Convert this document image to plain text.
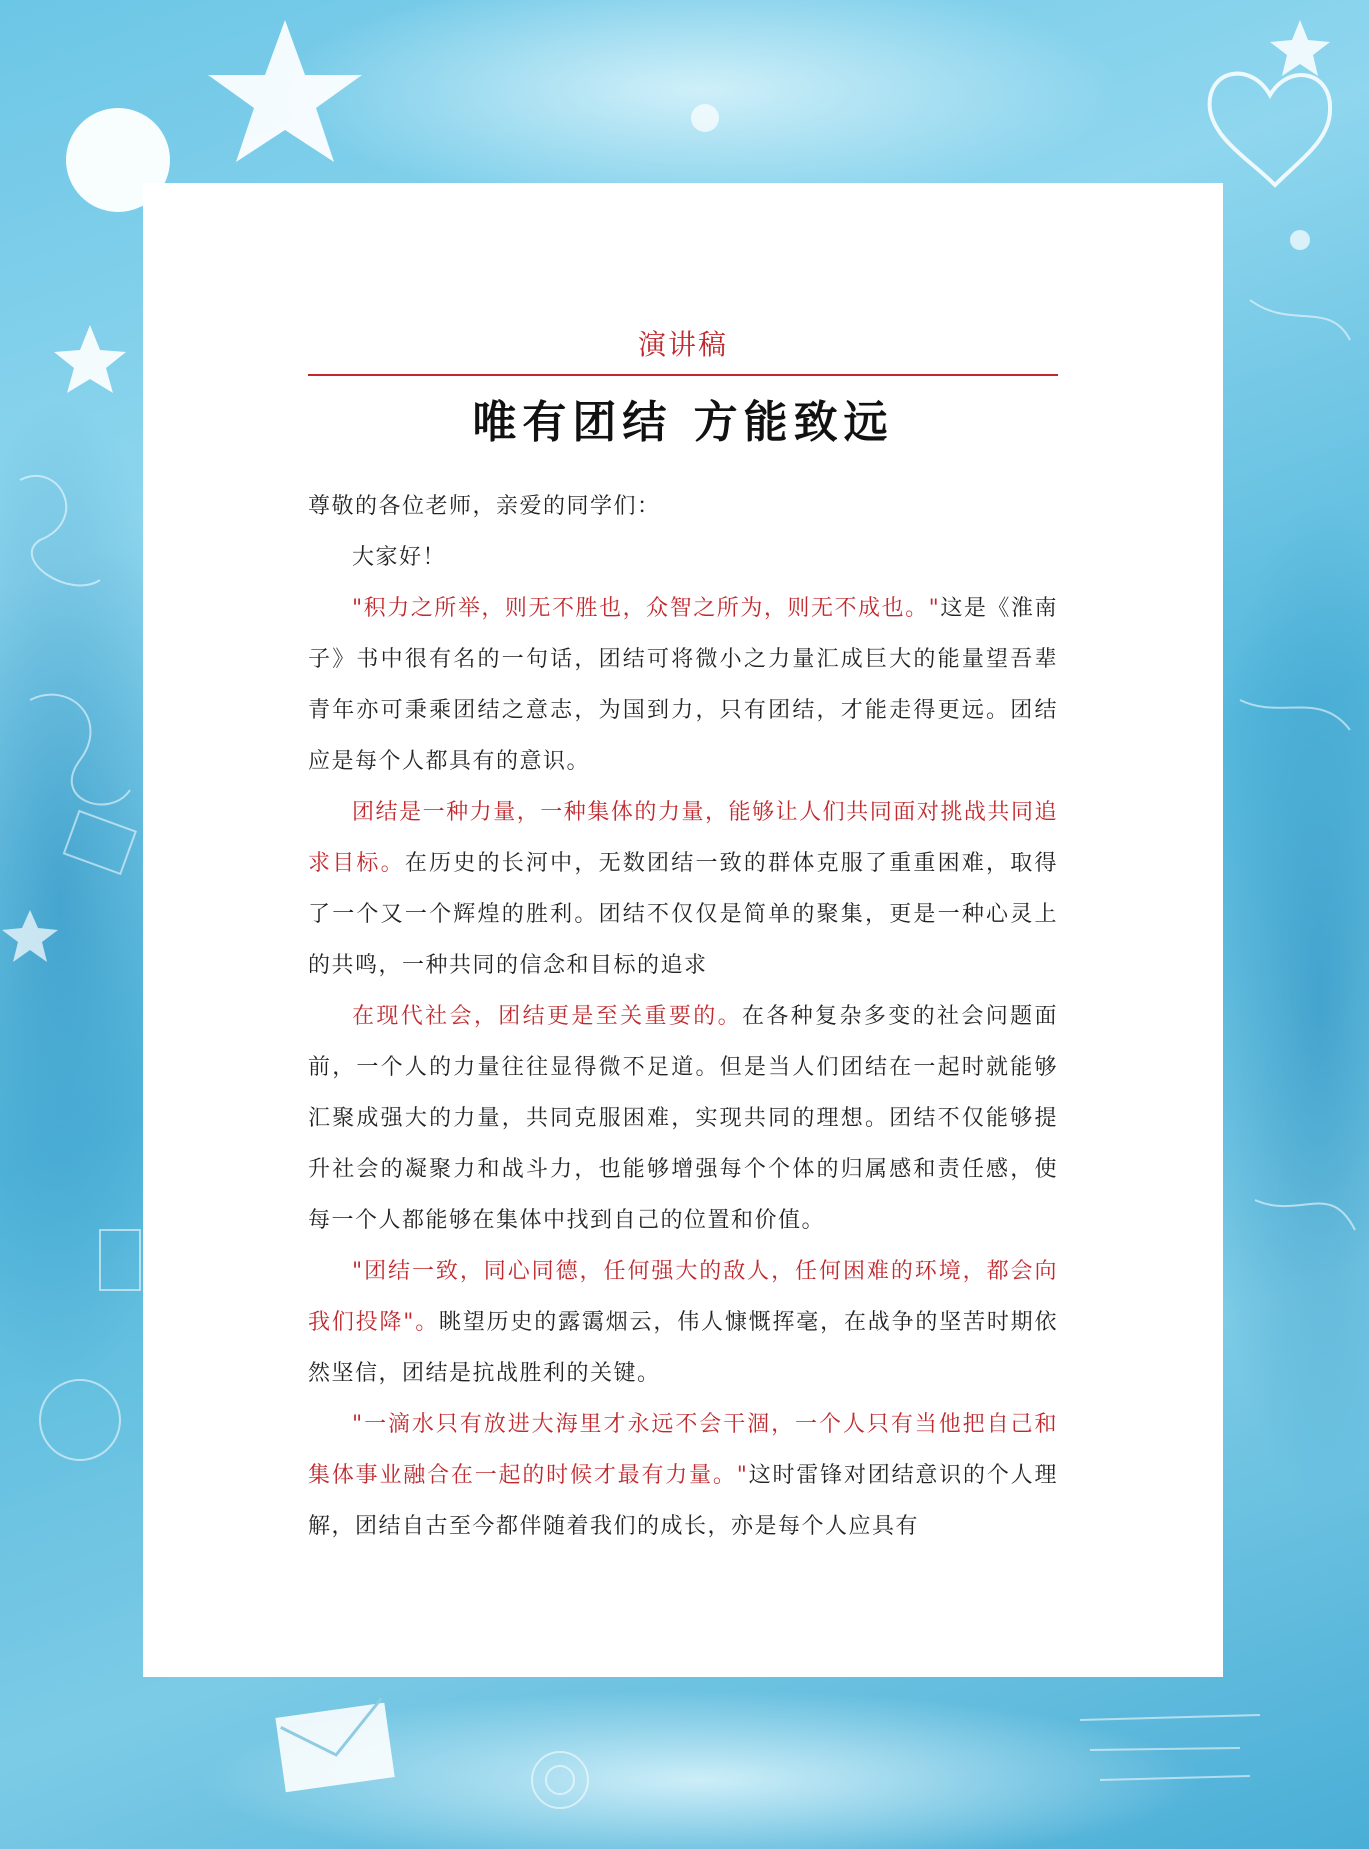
演讲稿
唯有团结 方能致远

尊敬的各位老师，亲爱的同学们：

大家好！

"积力之所举，则无不胜也，众智之所为，则无不成也。"这是《淮南子》书中很有名的一句话，团结可将微小之力量汇成巨大的能量望吾辈青年亦可秉乘团结之意志，为国到力，只有团结，才能走得更远。团结应是每个人都具有的意识。

团结是一种力量，一种集体的力量，能够让人们共同面对挑战共同追求目标。在历史的长河中，无数团结一致的群体克服了重重困难，取得了一个又一个辉煌的胜利。团结不仅仅是简单的聚集，更是一种心灵上的共鸣，一种共同的信念和目标的追求

在现代社会，团结更是至关重要的。在各种复杂多变的社会问题面前，一个人的力量往往显得微不足道。但是当人们团结在一起时就能够汇聚成强大的力量，共同克服困难，实现共同的理想。团结不仅能够提升社会的凝聚力和战斗力，也能够增强每个个体的归属感和责任感，使每一个人都能够在集体中找到自己的位置和价值。

"团结一致，同心同德，任何强大的敌人，任何困难的环境，都会向我们投降"。眺望历史的露霭烟云，伟人慷慨挥毫，在战争的坚苦时期依然坚信，团结是抗战胜利的关键。

"一滴水只有放进大海里才永远不会干涸，一个人只有当他把自己和集体事业融合在一起的时候才最有力量。"这时雷锋对团结意识的个人理解，团结自古至今都伴随着我们的成长，亦是每个人应具有
